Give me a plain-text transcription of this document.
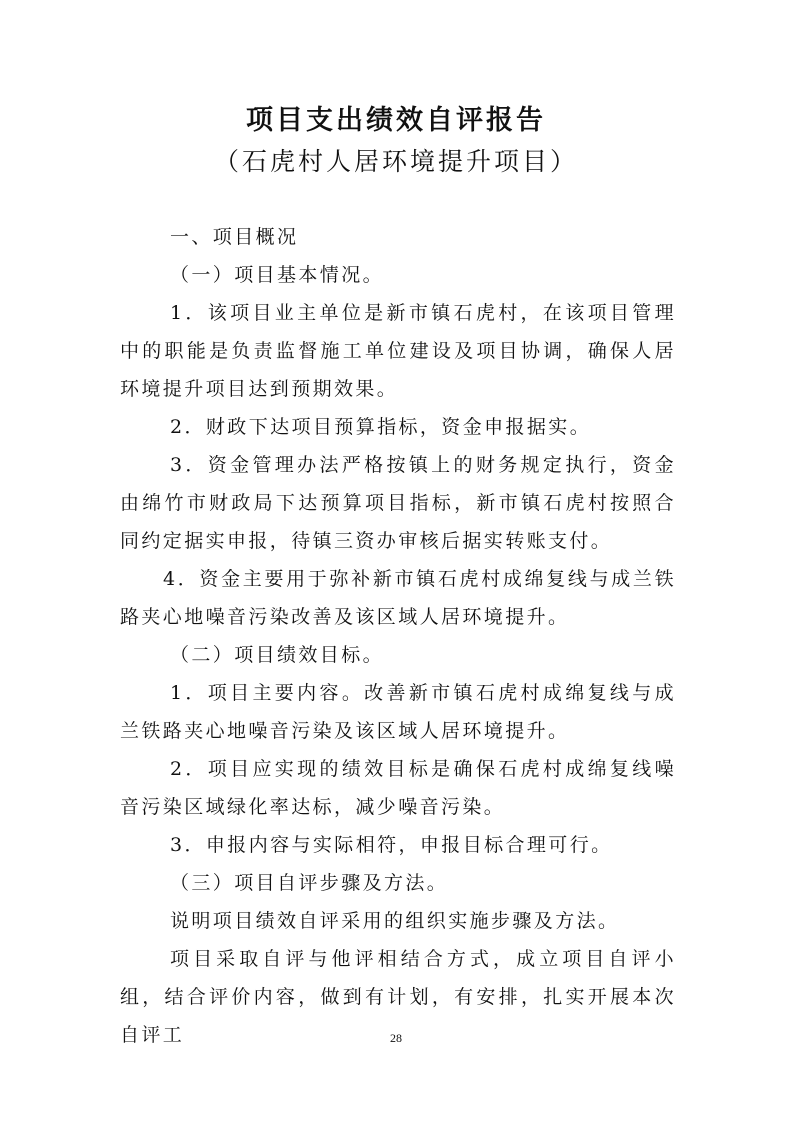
项目支出绩效自评报告
（石虎村人居环境提升项目）

一、项目概况

（一）项目基本情况。

1．该项目业主单位是新市镇石虎村，在该项目管理中的职能是负责监督施工单位建设及项目协调，确保人居环境提升项目达到预期效果。

2．财政下达项目预算指标，资金申报据实。

3．资金管理办法严格按镇上的财务规定执行，资金由绵竹市财政局下达预算项目指标，新市镇石虎村按照合同约定据实申报，待镇三资办审核后据实转账支付。

4．资金主要用于弥补新市镇石虎村成绵复线与成兰铁路夹心地噪音污染改善及该区域人居环境提升。

（二）项目绩效目标。

1．项目主要内容。改善新市镇石虎村成绵复线与成兰铁路夹心地噪音污染及该区域人居环境提升。

2．项目应实现的绩效目标是确保石虎村成绵复线噪音污染区域绿化率达标，减少噪音污染。

3．申报内容与实际相符，申报目标合理可行。

（三）项目自评步骤及方法。

说明项目绩效自评采用的组织实施步骤及方法。

项目采取自评与他评相结合方式，成立项目自评小组，结合评价内容，做到有计划，有安排，扎实开展本次自评工	28
